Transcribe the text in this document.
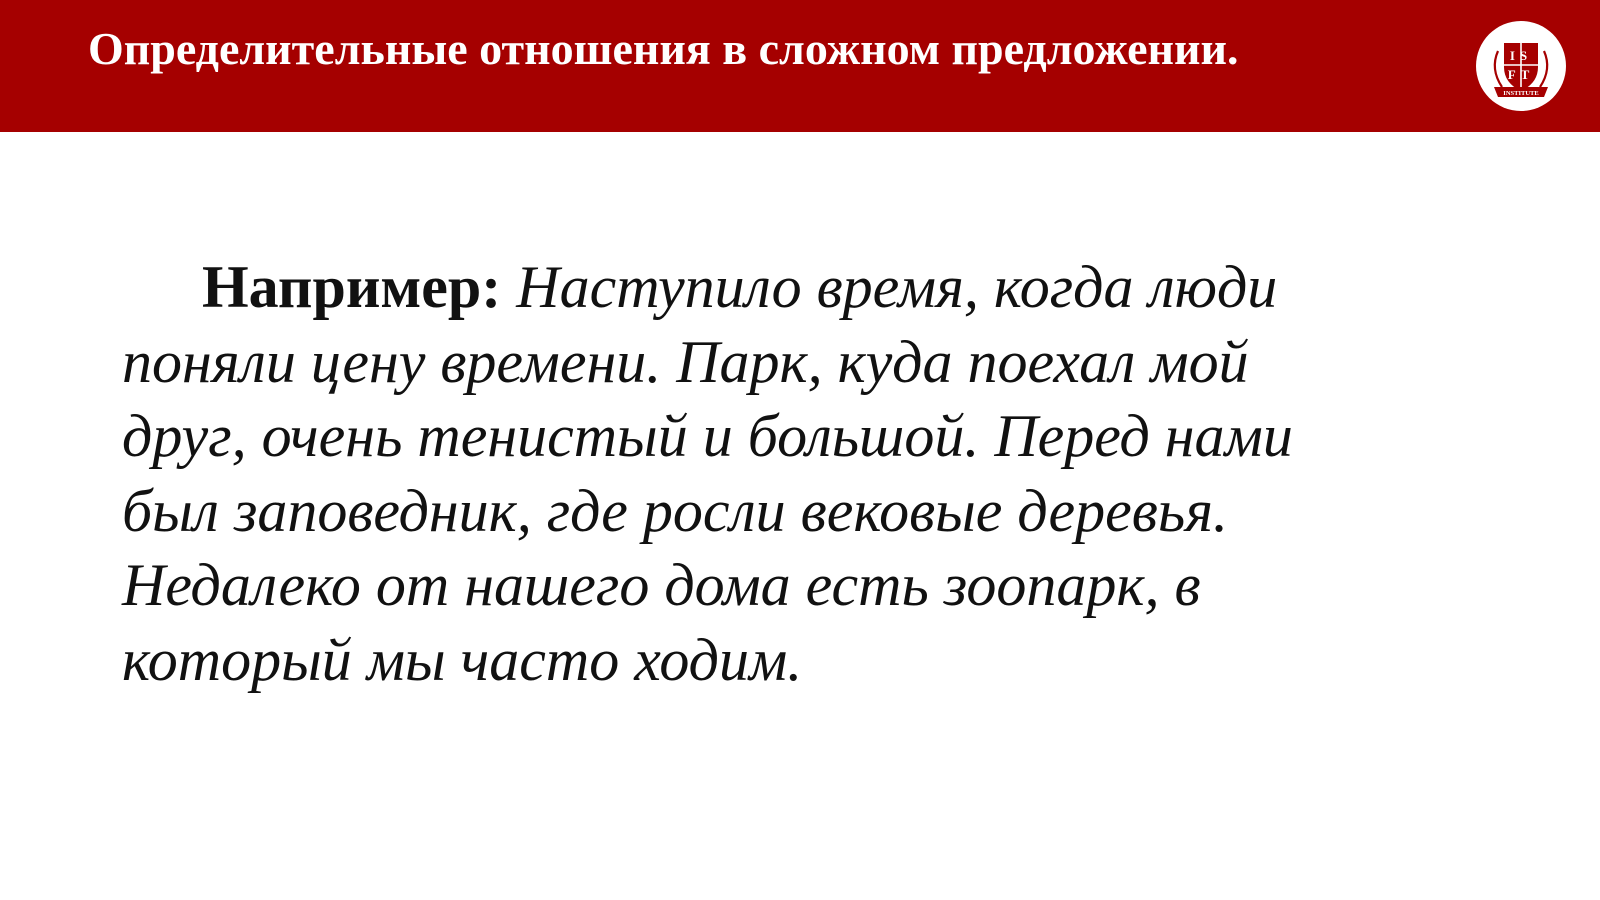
Определительные отношения в сложном предложении.	IS
FT
INSTITUTE

Например: Наступило время, когда люди поняли цену времени. Парк, куда поехал мой друг, очень тенистый и большой. Перед нами был заповедник, где росли вековые деревья. Недалеко от нашего дома есть зоопарк, в который мы часто ходим.
